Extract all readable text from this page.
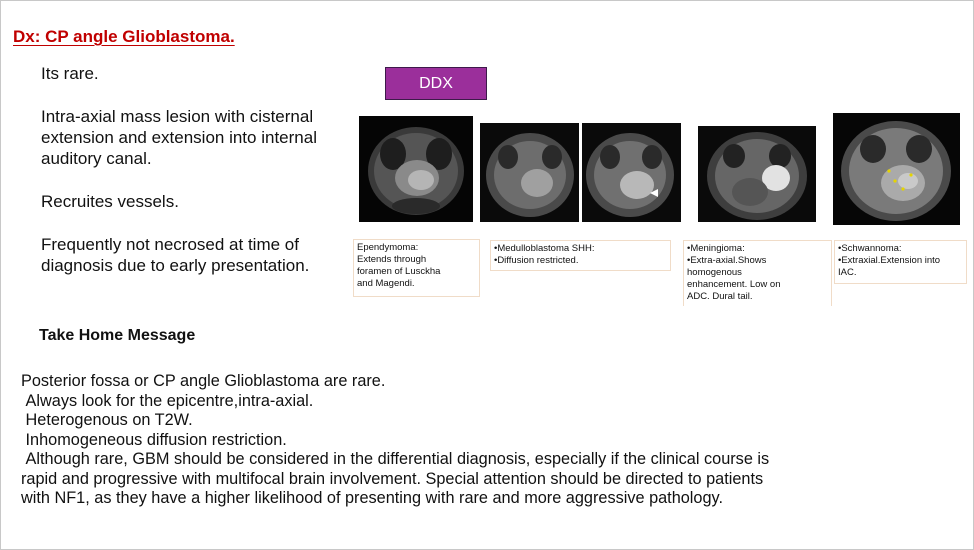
Dx: CP angle Glioblastoma.

Its rare.

Intra-axial mass lesion with cisternal extension and extension into internal auditory canal.

Recruites vessels.

Frequently not necrosed at time of diagnosis due to early presentation.

DDX
Ependymoma:
Extends through
foramen of Lusckha
and Magendi.
•Medulloblastoma SHH:
•Diffusion restricted.
•Meningioma:
•Extra-axial.Shows
homogenous
enhancement. Low on
ADC. Dural tail.
•Schwannoma:
•Extraxial.Extension into
IAC.
Take Home Message
Posterior fossa or CP angle Glioblastoma are rare.
Always look for the epicentre,intra-axial.
Heterogenous on T2W.
Inhomogeneous diffusion restriction.
Although rare, GBM should be considered in the differential diagnosis, especially if the clinical course is
rapid and progressive with multifocal brain involvement. Special attention should be directed to patients
with NF1, as they have a higher likelihood of presenting with rare and more aggressive pathology.
